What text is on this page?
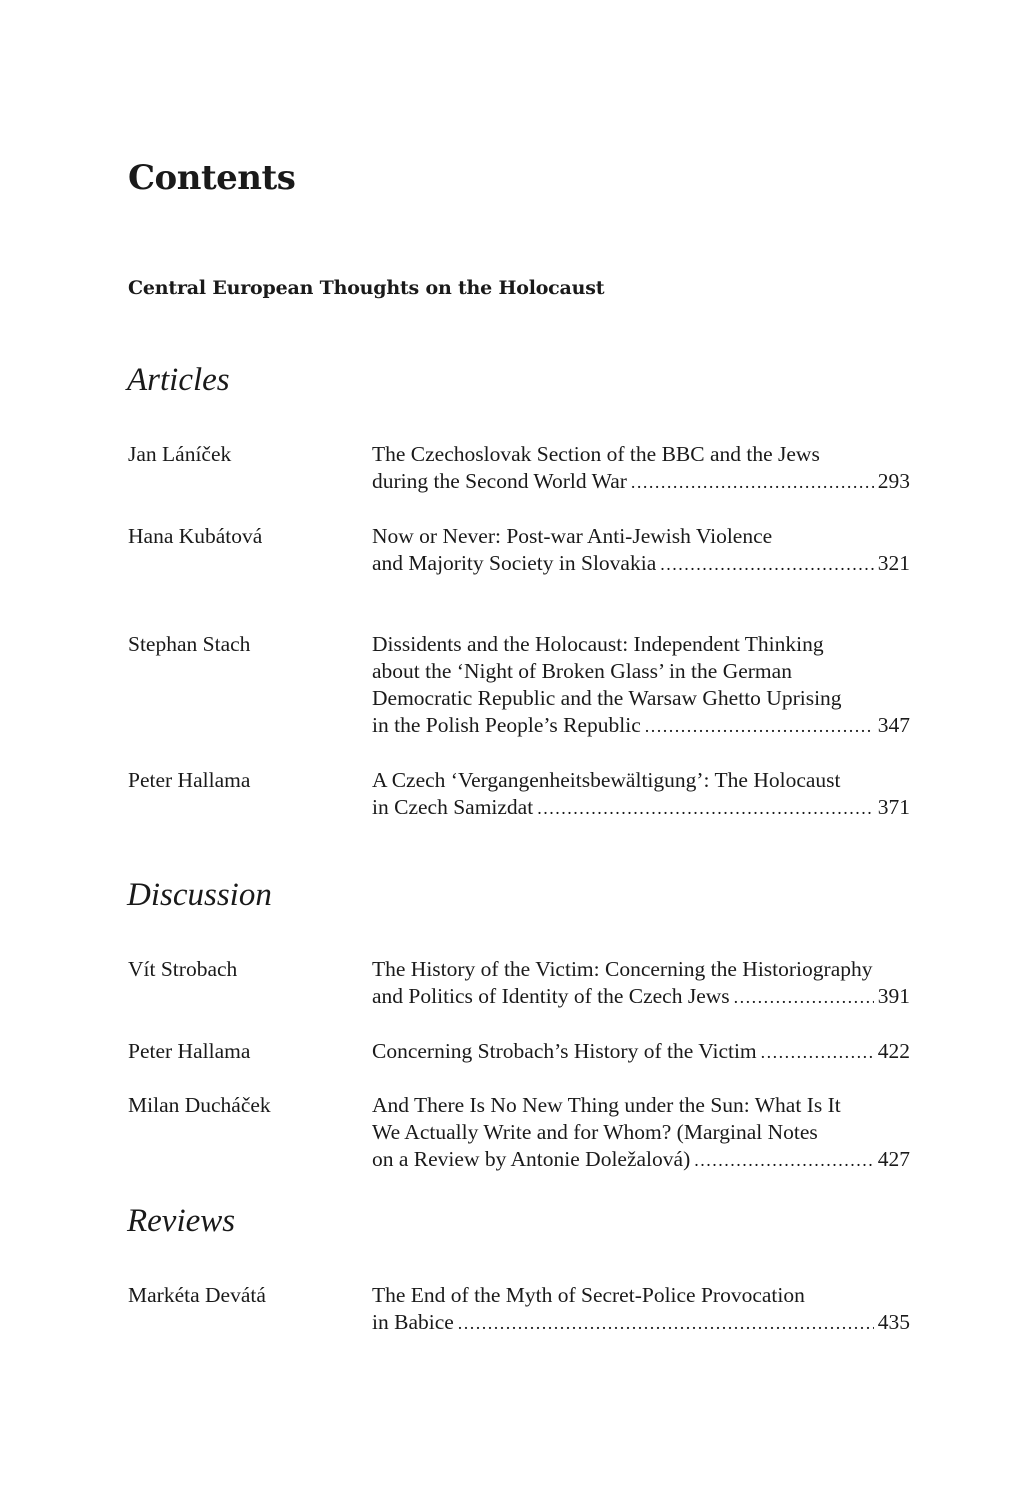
Contents
Central European Thoughts on the Holocaust
Articles
Jan Láníček	The Czechoslovak Section of the BBC and the Jews
during the Second World War .....	293
Hana Kubátová	Now or Never: Post-war Anti-Jewish Violence
and Majority Society in Slovakia .....	321
Stephan Stach	Dissidents and the Holocaust: Independent Thinking
about the ‘Night of Broken Glass’ in the German
Democratic Republic and the Warsaw Ghetto Uprising
in the Polish People’s Republic .....	347
Peter Hallama	A Czech ‘Vergangenheitsbewältigung’: The Holocaust
in Czech Samizdat .....	371
Discussion
Vít Strobach	The History of the Victim: Concerning the Historiography
and Politics of Identity of the Czech Jews .....	391
Peter Hallama	Concerning Strobach’s History of the Victim .....	422
Milan Ducháček	And There Is No New Thing under the Sun: What Is It
We Actually Write and for Whom? (Marginal Notes
on a Review by Antonie Doležalová) .....	427
Reviews
Markéta Devátá	The End of the Myth of Secret-Police Provocation
in Babice .....	435
